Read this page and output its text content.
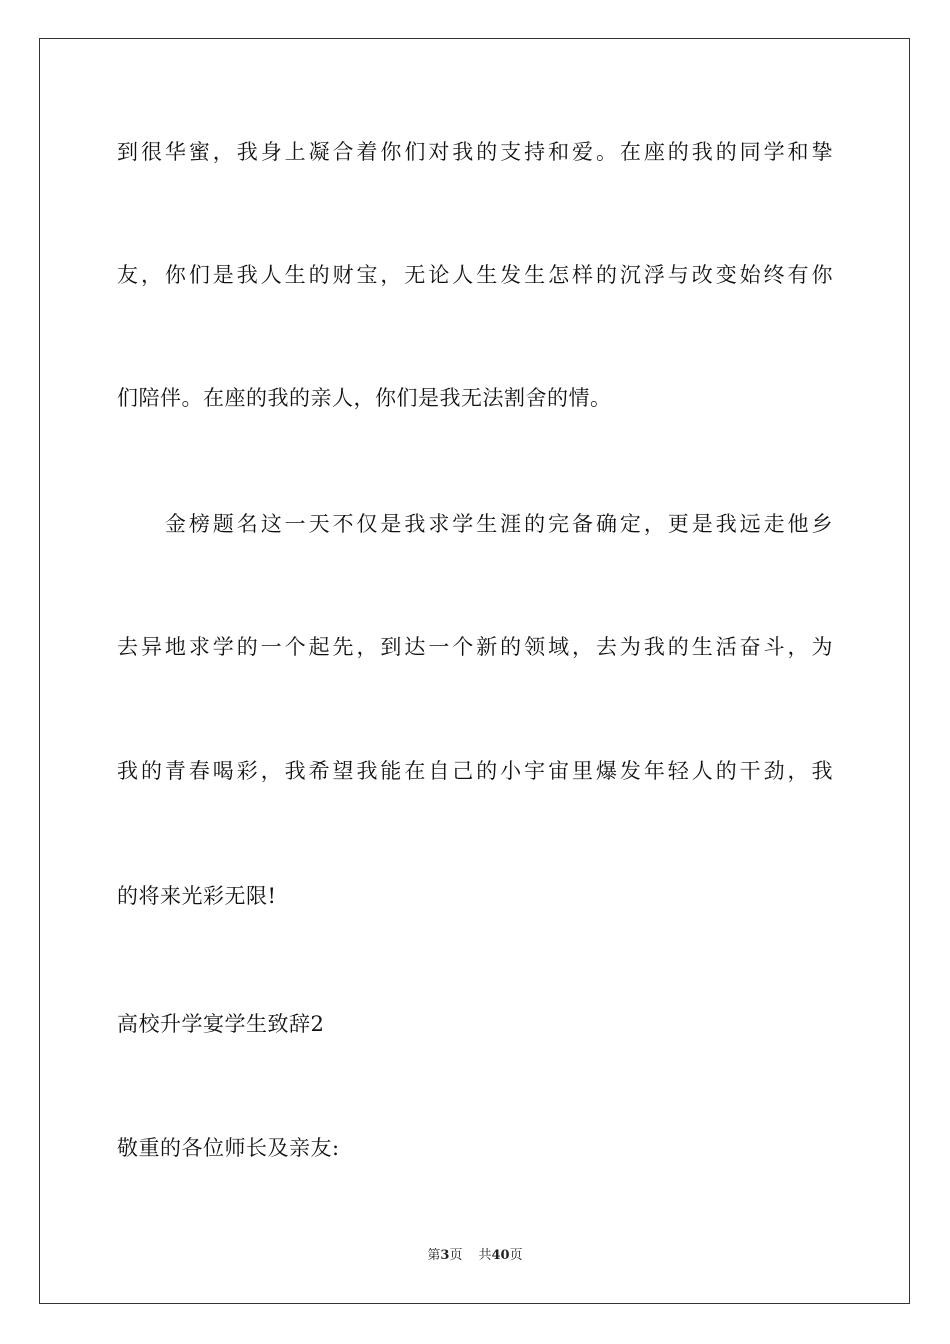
到很华蜜，我身上凝合着你们对我的支持和爱。在座的我的同学和挚
友，你们是我人生的财宝，无论人生发生怎样的沉浮与改变始终有你
们陪伴。在座的我的亲人，你们是我无法割舍的情。
　　金榜题名这一天不仅是我求学生涯的完备确定，更是我远走他乡
去异地求学的一个起先，到达一个新的领域，去为我的生活奋斗，为
我的青春喝彩，我希望我能在自己的小宇宙里爆发年轻人的干劲，我
的将来光彩无限!
高校升学宴学生致辞2
敬重的各位师长及亲友:
第3页 共40页
